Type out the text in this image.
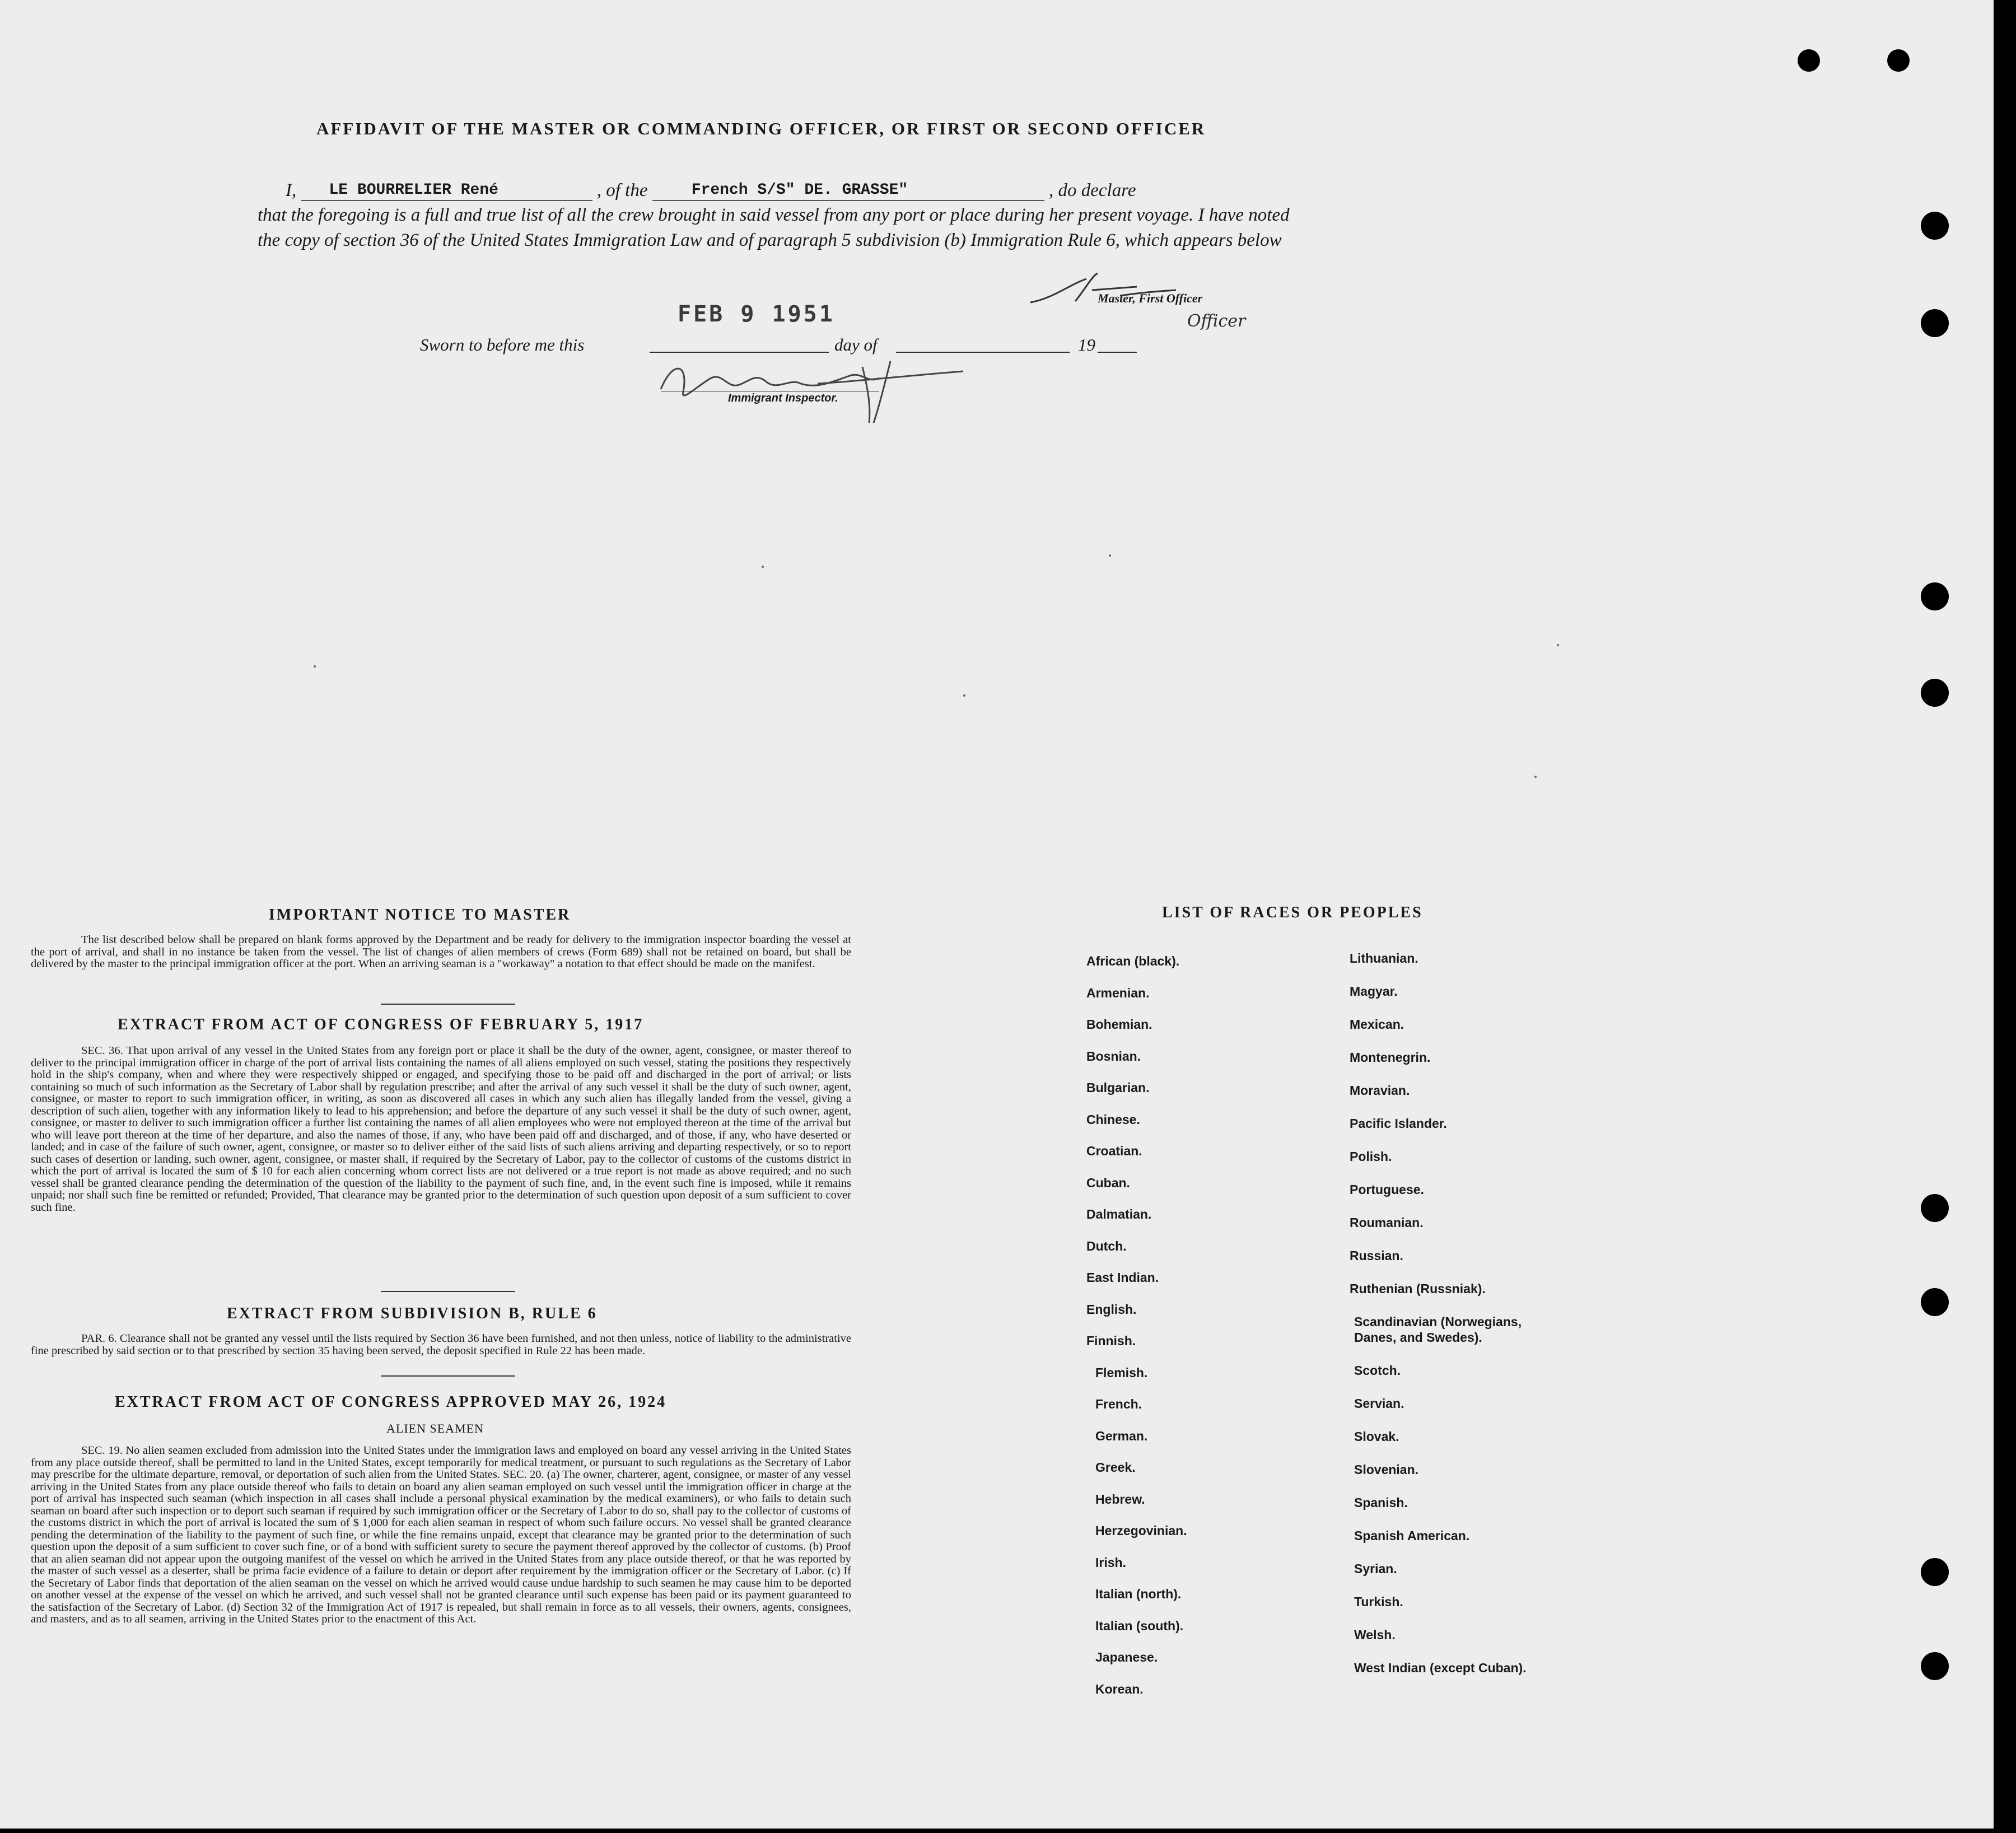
AFFIDAVIT OF THE MASTER OR COMMANDING OFFICER, OR FIRST OR SECOND OFFICER
I, LE BOURRELIER René	, of the	French S/S" DE. GRASSE"	, do declare
that the foregoing is a full and true list of all the crew brought in said vessel from any port or place during her present voyage. I have noted the copy of section 36 of the United States Immigration Law and of paragraph 5 subdivision (b) Immigration Rule 6, which appears below
Master, First Officer
Officer
FEB 9 1951
Sworn to before me this	day of	19
Immigrant Inspector.
IMPORTANT NOTICE TO MASTER
The list described below shall be prepared on blank forms approved by the Department and be ready for delivery to the immigration inspector boarding the vessel at the port of arrival, and shall in no instance be taken from the vessel. The list of changes of alien members of crews (Form 689) shall not be retained on board, but shall be delivered by the master to the principal immigration officer at the port. When an arriving seaman is a "workaway" a notation to that effect should be made on the manifest.
EXTRACT FROM ACT OF CONGRESS OF FEBRUARY 5, 1917
SEC. 36. That upon arrival of any vessel in the United States from any foreign port or place it shall be the duty of the owner, agent, consignee, or master thereof to deliver to the principal immigration officer in charge of the port of arrival lists containing the names of all aliens employed on such vessel, stating the positions they respectively hold in the ship's company, when and where they were respectively shipped or engaged, and specifying those to be paid off and discharged in the port of arrival; or lists containing so much of such information as the Secretary of Labor shall by regulation prescribe; and after the arrival of any such vessel it shall be the duty of such owner, agent, consignee, or master to report to such immigration officer, in writing, as soon as discovered all cases in which any such alien has illegally landed from the vessel, giving a description of such alien, together with any information likely to lead to his apprehension; and before the departure of any such vessel it shall be the duty of such owner, agent, consignee, or master to deliver to such immigration officer a further list containing the names of all alien employees who were not employed thereon at the time of the arrival but who will leave port thereon at the time of her departure, and also the names of those, if any, who have been paid off and discharged, and of those, if any, who have deserted or landed; and in case of the failure of such owner, agent, consignee, or master so to deliver either of the said lists of such aliens arriving and departing respectively, or so to report such cases of desertion or landing, such owner, agent, consignee, or master shall, if required by the Secretary of Labor, pay to the collector of customs of the customs district in which the port of arrival is located the sum of $ 10 for each alien concerning whom correct lists are not delivered or a true report is not made as above required; and no such vessel shall be granted clearance pending the determination of the question of the liability to the payment of such fine, and, in the event such fine is imposed, while it remains unpaid; nor shall such fine be remitted or refunded; Provided, That clearance may be granted prior to the determination of such question upon deposit of a sum sufficient to cover such fine.
EXTRACT FROM SUBDIVISION B, RULE 6
PAR. 6. Clearance shall not be granted any vessel until the lists required by Section 36 have been furnished, and not then unless, notice of liability to the administrative fine prescribed by said section or to that prescribed by section 35 having been served, the deposit specified in Rule 22 has been made.
EXTRACT FROM ACT OF CONGRESS APPROVED MAY 26, 1924
ALIEN SEAMEN
SEC. 19. No alien seamen excluded from admission into the United States under the immigration laws and employed on board any vessel arriving in the United States from any place outside thereof, shall be permitted to land in the United States, except temporarily for medical treatment, or pursuant to such regulations as the Secretary of Labor may prescribe for the ultimate departure, removal, or deportation of such alien from the United States. SEC. 20. (a) The owner, charterer, agent, consignee, or master of any vessel arriving in the United States from any place outside thereof who fails to detain on board any alien seaman employed on such vessel until the immigration officer in charge at the port of arrival has inspected such seaman (which inspection in all cases shall include a personal physical examination by the medical examiners), or who fails to detain such seaman on board after such inspection or to deport such seaman if required by such immigration officer or the Secretary of Labor to do so, shall pay to the collector of customs of the customs district in which the port of arrival is located the sum of $ 1,000 for each alien seaman in respect of whom such failure occurs. No vessel shall be granted clearance pending the determination of the liability to the payment of such fine, or while the fine remains unpaid, except that clearance may be granted prior to the determination of such question upon the deposit of a sum sufficient to cover such fine, or of a bond with sufficient surety to secure the payment thereof approved by the collector of customs. (b) Proof that an alien seaman did not appear upon the outgoing manifest of the vessel on which he arrived in the United States from any place outside thereof, or that he was reported by the master of such vessel as a deserter, shall be prima facie evidence of a failure to detain or deport after requirement by the immigration officer or the Secretary of Labor. (c) If the Secretary of Labor finds that deportation of the alien seaman on the vessel on which he arrived would cause undue hardship to such seamen he may cause him to be deported on another vessel at the expense of the vessel on which he arrived, and such vessel shall not be granted clearance until such expense has been paid or its payment guaranteed to the satisfaction of the Secretary of Labor. (d) Section 32 of the Immigration Act of 1917 is repealed, but shall remain in force as to all vessels, their owners, agents, consignees, and masters, and as to all seamen, arriving in the United States prior to the enactment of this Act.
LIST OF RACES OR PEOPLES
African (black).
Armenian.
Bohemian.
Bosnian.
Bulgarian.
Chinese.
Croatian.
Cuban.
Dalmatian.
Dutch.
East Indian.
English.
Finnish.
Flemish.
French.
German.
Greek.
Hebrew.
Herzegovinian.
Irish.
Italian (north).
Italian (south).
Japanese.
Korean.
Lithuanian.
Magyar.
Mexican.
Montenegrin.
Moravian.
Pacific Islander.
Polish.
Portuguese.
Roumanian.
Russian.
Ruthenian (Russniak).
Scandinavian (Norwegians, Danes, and Swedes).
Scotch.
Servian.
Slovak.
Slovenian.
Spanish.
Spanish American.
Syrian.
Turkish.
Welsh.
West Indian (except Cuban).
